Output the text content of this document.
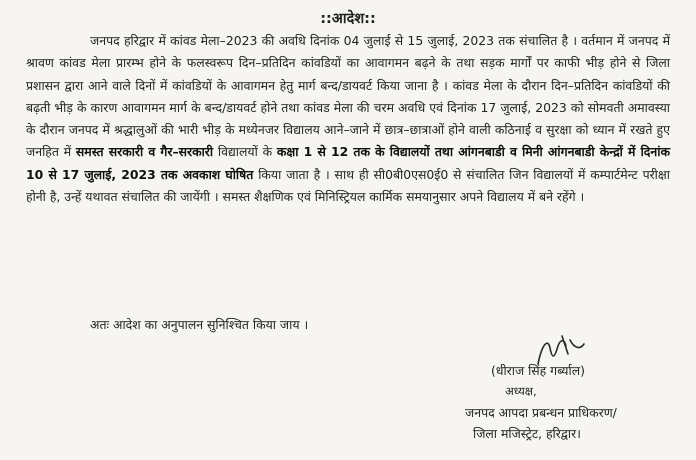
::आदेश::

जनपद हरिद्वार में कांवड मेला–2023 की अवधि दिनांक 04 जुलाई से 15 जुलाई, 2023 तक संचालित है । वर्तमान में जनपद में श्रावण कांवड मेला प्रारम्भ होने के फलस्वरूप दिन–प्रतिदिन कांवडियों का आवागमन बढ़ने के तथा सड़क मार्गों पर काफी भीड़ होने से जिला प्रशासन द्वारा आने वाले दिनों में कांवडियों के आवागमन हेतु मार्ग बन्द/डायवर्ट किया जाना है । कांवड मेला के दौरान दिन–प्रतिदिन कांवडियों की बढ़ती भीड़ के कारण आवागमन मार्ग के बन्द/डायवर्ट होने तथा कांवड मेला की चरम अवधि एवं दिनांक 17 जुलाई, 2023 को सोमवती अमावस्या के दौरान जनपद में श्रद्धालुओं की भारी भीड़ के मध्येनजर विद्यालय आने–जाने में छात्र–छात्राओं होने वाली कठिनाई व सुरक्षा को ध्यान में रखते हुए जनहित में समस्त सरकारी व गैर–सरकारी विद्यालयों के कक्षा 1 से 12 तक के विद्यालयों तथा आंगनबाडी व मिनी आंगनबाडी केन्द्रों में दिनांक 10 से 17 जुलाई, 2023 तक अवकाश घोषित किया जाता है । साथ ही सी0बी0एस0ई0 से संचालित जिन विद्यालयों में कम्पार्टमेन्ट परीक्षा होनी है, उन्हें यथावत संचालित की जायेंगी । समस्त शैक्षणिक एवं मिनिस्ट्रियल कार्मिक समयानुसार अपने विद्यालय में बने रहेंगे ।

अतः आदेश का अनुपालन सुनिश्चित किया जाय ।
(धीराज सिंह गर्ब्याल)
अध्यक्ष,
जनपद आपदा प्रबन्धन प्राधिकरण/
जिला मजिस्ट्रेट, हरिद्वार।
